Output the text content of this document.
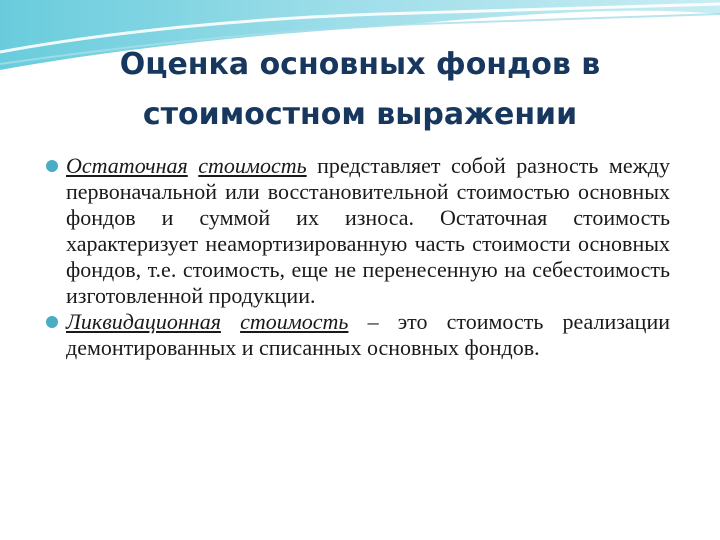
Оценка основных фондов в
стоимостном выражении
Остаточная стоимость представляет собой разность между первоначальной или восстановительной стоимостью основных фондов и суммой их износа. Остаточная стоимость характеризует неамортизированную часть стоимости основных фондов, т.е. стоимость, еще не перенесенную на себестоимость изготовленной продукции.
Ликвидационная стоимость – это стоимость реализации демонтированных и списанных основных фондов.
